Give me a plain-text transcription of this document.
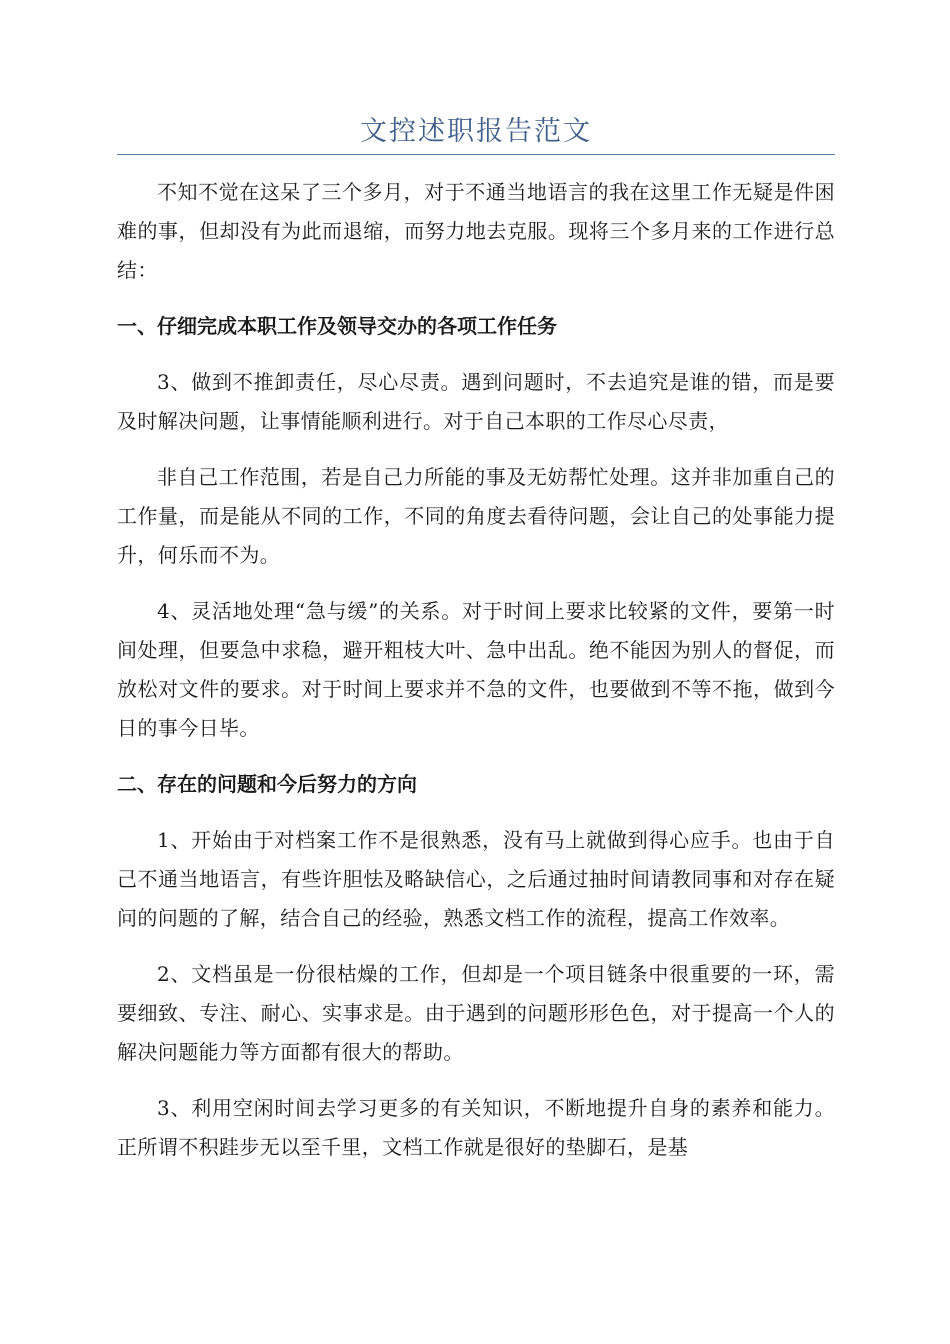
文控述职报告范文

不知不觉在这呆了三个多月，对于不通当地语言的我在这里工作无疑是件困难的事，但却没有为此而退缩，而努力地去克服。现将三个多月来的工作进行总结：

一、仔细完成本职工作及领导交办的各项工作任务

3、做到不推卸责任，尽心尽责。遇到问题时，不去追究是谁的错，而是要及时解决问题，让事情能顺利进行。对于自己本职的工作尽心尽责，

非自己工作范围，若是自己力所能的事及无妨帮忙处理。这并非加重自己的工作量，而是能从不同的工作，不同的角度去看待问题，会让自己的处事能力提升，何乐而不为。

4、灵活地处理“急与缓”的关系。对于时间上要求比较紧的文件，要第一时间处理，但要急中求稳，避开粗枝大叶、急中出乱。绝不能因为别人的督促，而放松对文件的要求。对于时间上要求并不急的文件，也要做到不等不拖，做到今日的事今日毕。

二、存在的问题和今后努力的方向

1、开始由于对档案工作不是很熟悉，没有马上就做到得心应手。也由于自己不通当地语言，有些许胆怯及略缺信心，之后通过抽时间请教同事和对存在疑问的问题的了解，结合自己的经验，熟悉文档工作的流程，提高工作效率。

2、文档虽是一份很枯燥的工作，但却是一个项目链条中很重要的一环，需要细致、专注、耐心、实事求是。由于遇到的问题形形色色，对于提高一个人的解决问题能力等方面都有很大的帮助。

3、利用空闲时间去学习更多的有关知识，不断地提升自身的素养和能力。正所谓不积跬步无以至千里，文档工作就是很好的垫脚石，是基
